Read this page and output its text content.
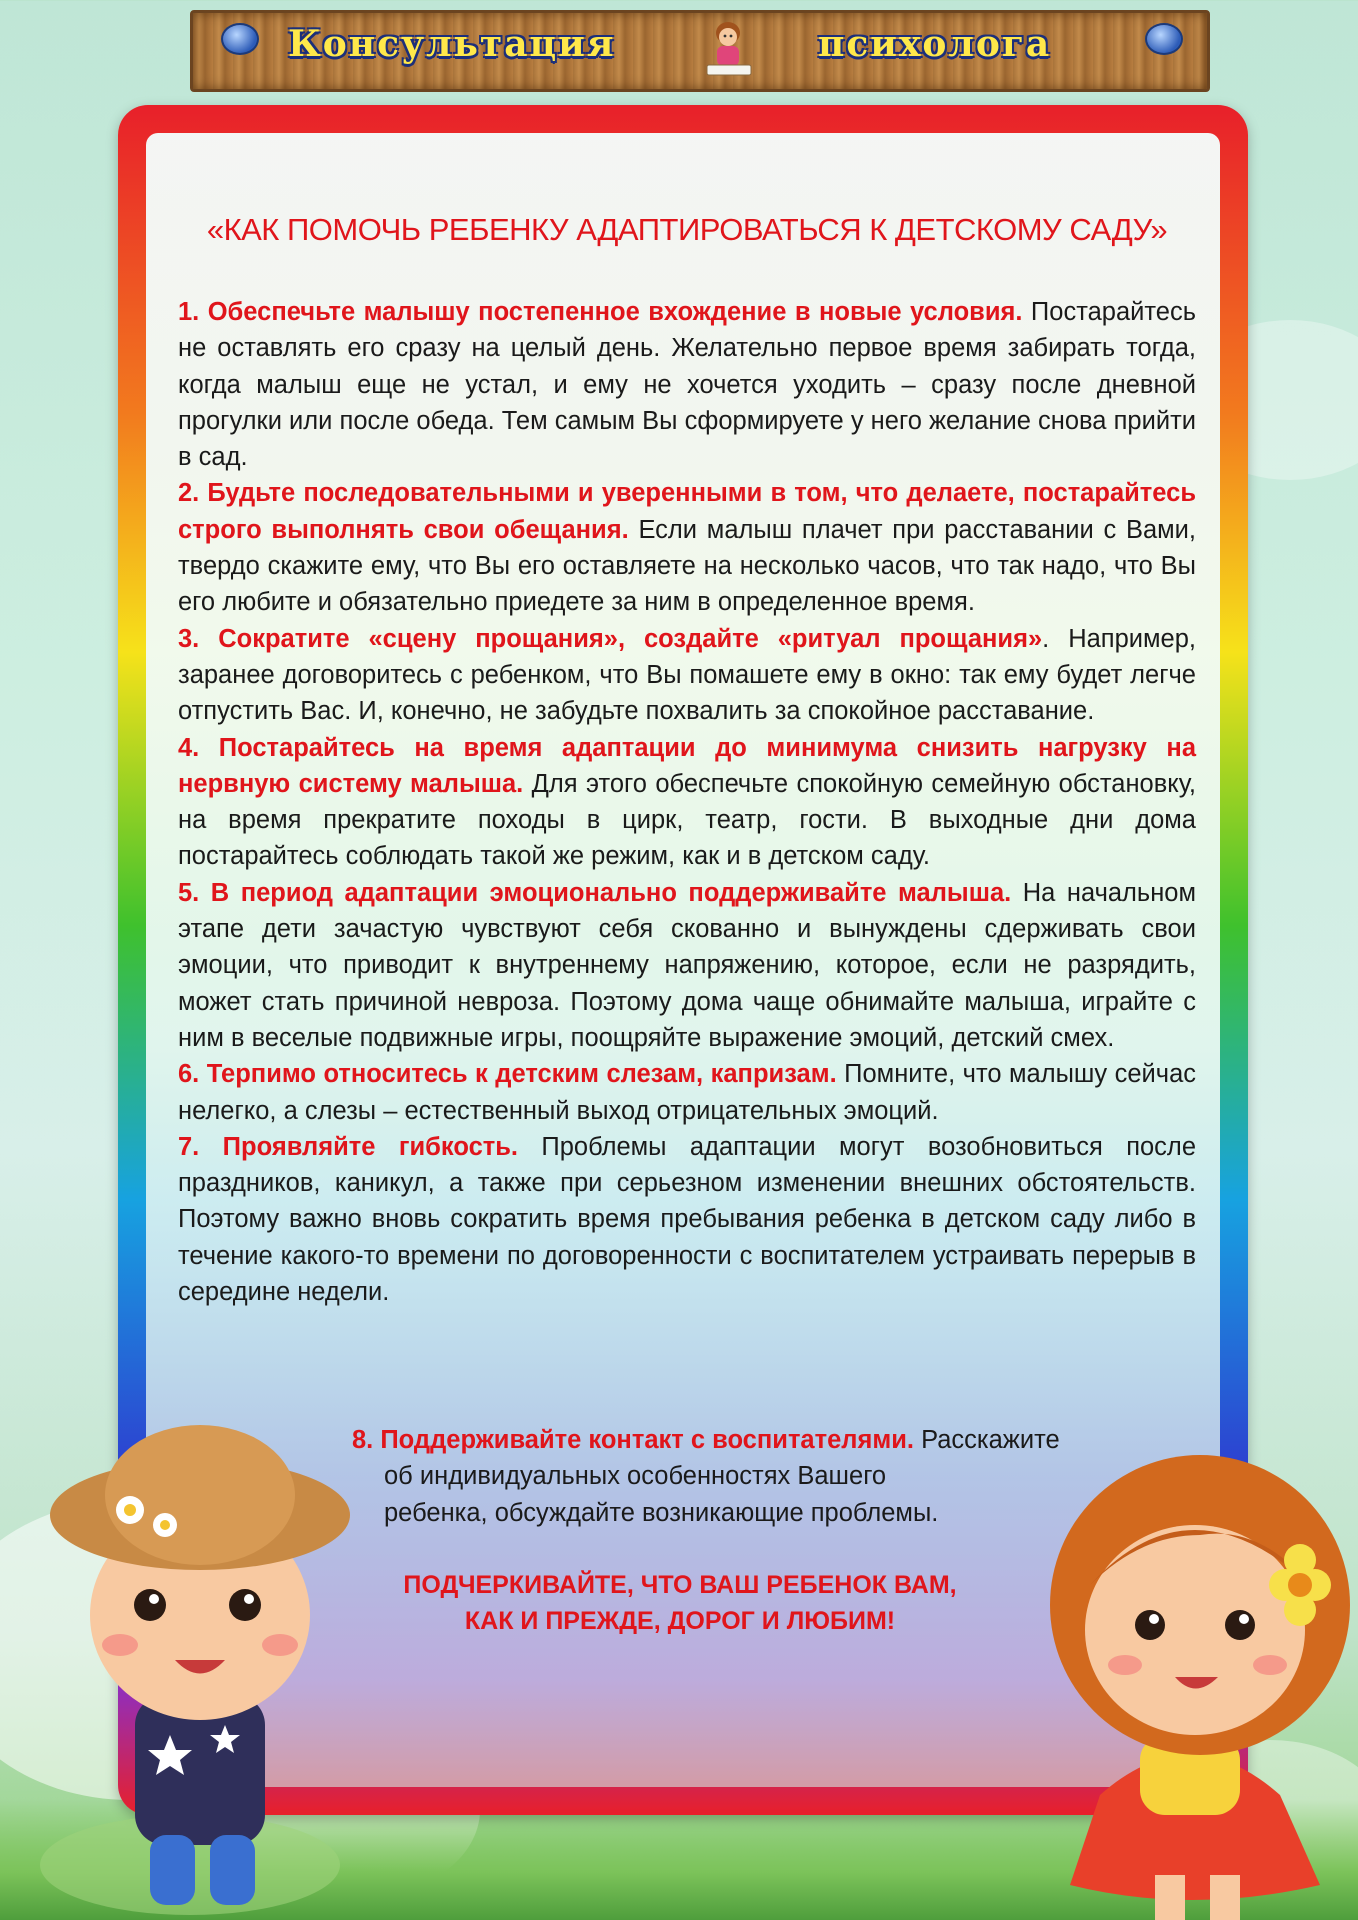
Консультация	психолога

«КАК ПОМОЧЬ РЕБЕНКУ АДАПТИРОВАТЬСЯ К ДЕТСКОМУ САДУ»

1. Обеспечьте малышу постепенное вхождение в новые условия. Постарайтесь не оставлять его сразу на целый день. Желательно первое время забирать тогда, когда малыш еще не устал, и ему не хочется уходить – сразу после дневной прогулки или после обеда. Тем самым Вы сформируете у него желание снова прийти в сад.

2. Будьте последовательными и уверенными в том, что делаете, постарайтесь строго выполнять свои обещания. Если малыш плачет при расставании с Вами, твердо скажите ему, что Вы его оставляете на несколько часов, что так надо, что Вы его любите и обязательно приедете за ним в определенное время.

3. Сократите «сцену прощания», создайте «ритуал прощания». Например, заранее договоритесь с ребенком, что Вы помашете ему в окно: так ему будет легче отпустить Вас. И, конечно, не забудьте похвалить за спокойное расставание.

4. Постарайтесь на время адаптации до минимума снизить нагрузку на нервную систему малыша. Для этого обеспечьте спокойную семейную обстановку, на время прекратите походы в цирк, театр, гости. В выходные дни дома постарайтесь соблюдать такой же режим, как и в детском саду.

5. В период адаптации эмоционально поддерживайте малыша. На начальном этапе дети зачастую чувствуют себя скованно и вынуждены сдерживать свои эмоции, что приводит к внутреннему напряжению, которое, если не разрядить, может стать причиной невроза. Поэтому дома чаще обнимайте малыша, играйте с ним в веселые подвижные игры, поощряйте выражение эмоций, детский смех.

6. Терпимо относитесь к детским слезам, капризам. Помните, что малышу сейчас нелегко, а слезы – естественный выход отрицательных эмоций.

7. Проявляйте гибкость. Проблемы адаптации могут возобновиться после праздников, каникул, а также при серьезном изменении внешних обстоятельств. Поэтому важно вновь сократить время пребывания ребенка в детском саду либо в течение какого-то времени по договоренности с воспитателем устраивать перерыв в середине недели.

8. Поддерживайте контакт с воспитателями. Расскажите
об индивидуальных особенностях Вашего
ребенка, обсуждайте возникающие проблемы.
ПОДЧЕРКИВАЙТЕ, ЧТО ВАШ РЕБЕНОК ВАМ,
КАК И ПРЕЖДЕ, ДОРОГ И ЛЮБИМ!
